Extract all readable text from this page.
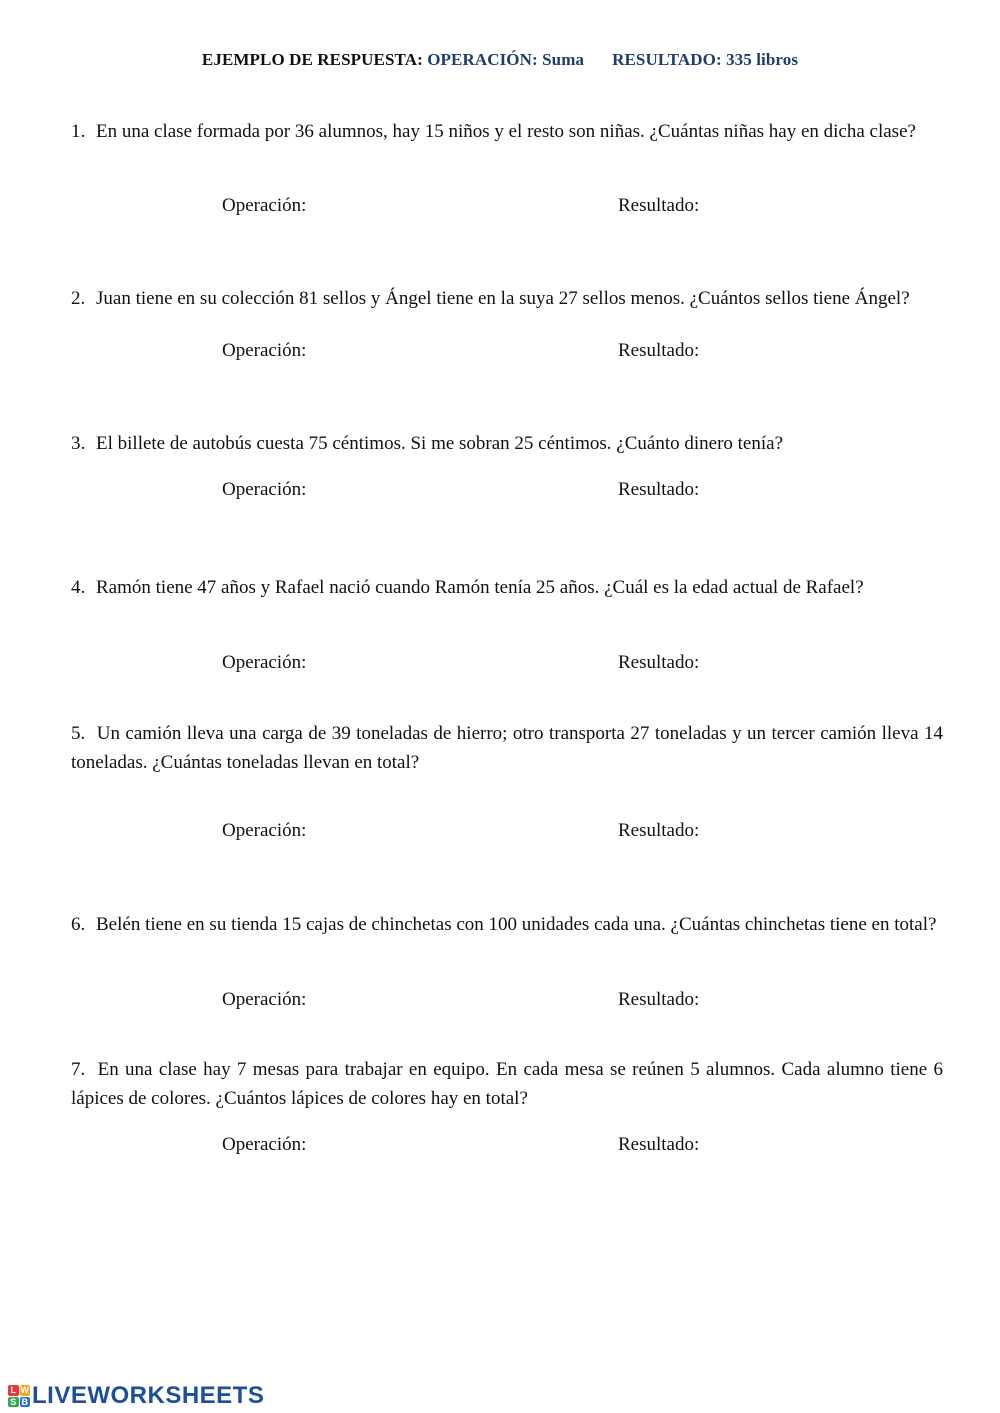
EJEMPLO DE RESPUESTA: OPERACIÓN: Suma RESULTADO: 335 libros
1. En una clase formada por 36 alumnos, hay 15 niños y el resto son niñas. ¿Cuántas niñas hay en dicha clase?
Operación:	Resultado:
2. Juan tiene en su colección 81 sellos y Ángel tiene en la suya 27 sellos menos. ¿Cuántos sellos tiene Ángel?
Operación:	Resultado:
3. El billete de autobús cuesta 75 céntimos. Si me sobran 25 céntimos. ¿Cuánto dinero tenía?
Operación:	Resultado:
4. Ramón tiene 47 años y Rafael nació cuando Ramón tenía 25 años. ¿Cuál es la edad actual de Rafael?
Operación:	Resultado:
5. Un camión lleva una carga de 39 toneladas de hierro; otro transporta 27 toneladas y un tercer camión lleva 14 toneladas. ¿Cuántas toneladas llevan en total?
Operación:	Resultado:
6. Belén tiene en su tienda 15 cajas de chinchetas con 100 unidades cada una. ¿Cuántas chinchetas tiene en total?
Operación:	Resultado:
7. En una clase hay 7 mesas para trabajar en equipo. En cada mesa se reúnen 5 alumnos. Cada alumno tiene 6 lápices de colores. ¿Cuántos lápices de colores hay en total?
Operación:	Resultado:
L W
S B LIVEWORKSHEETS
